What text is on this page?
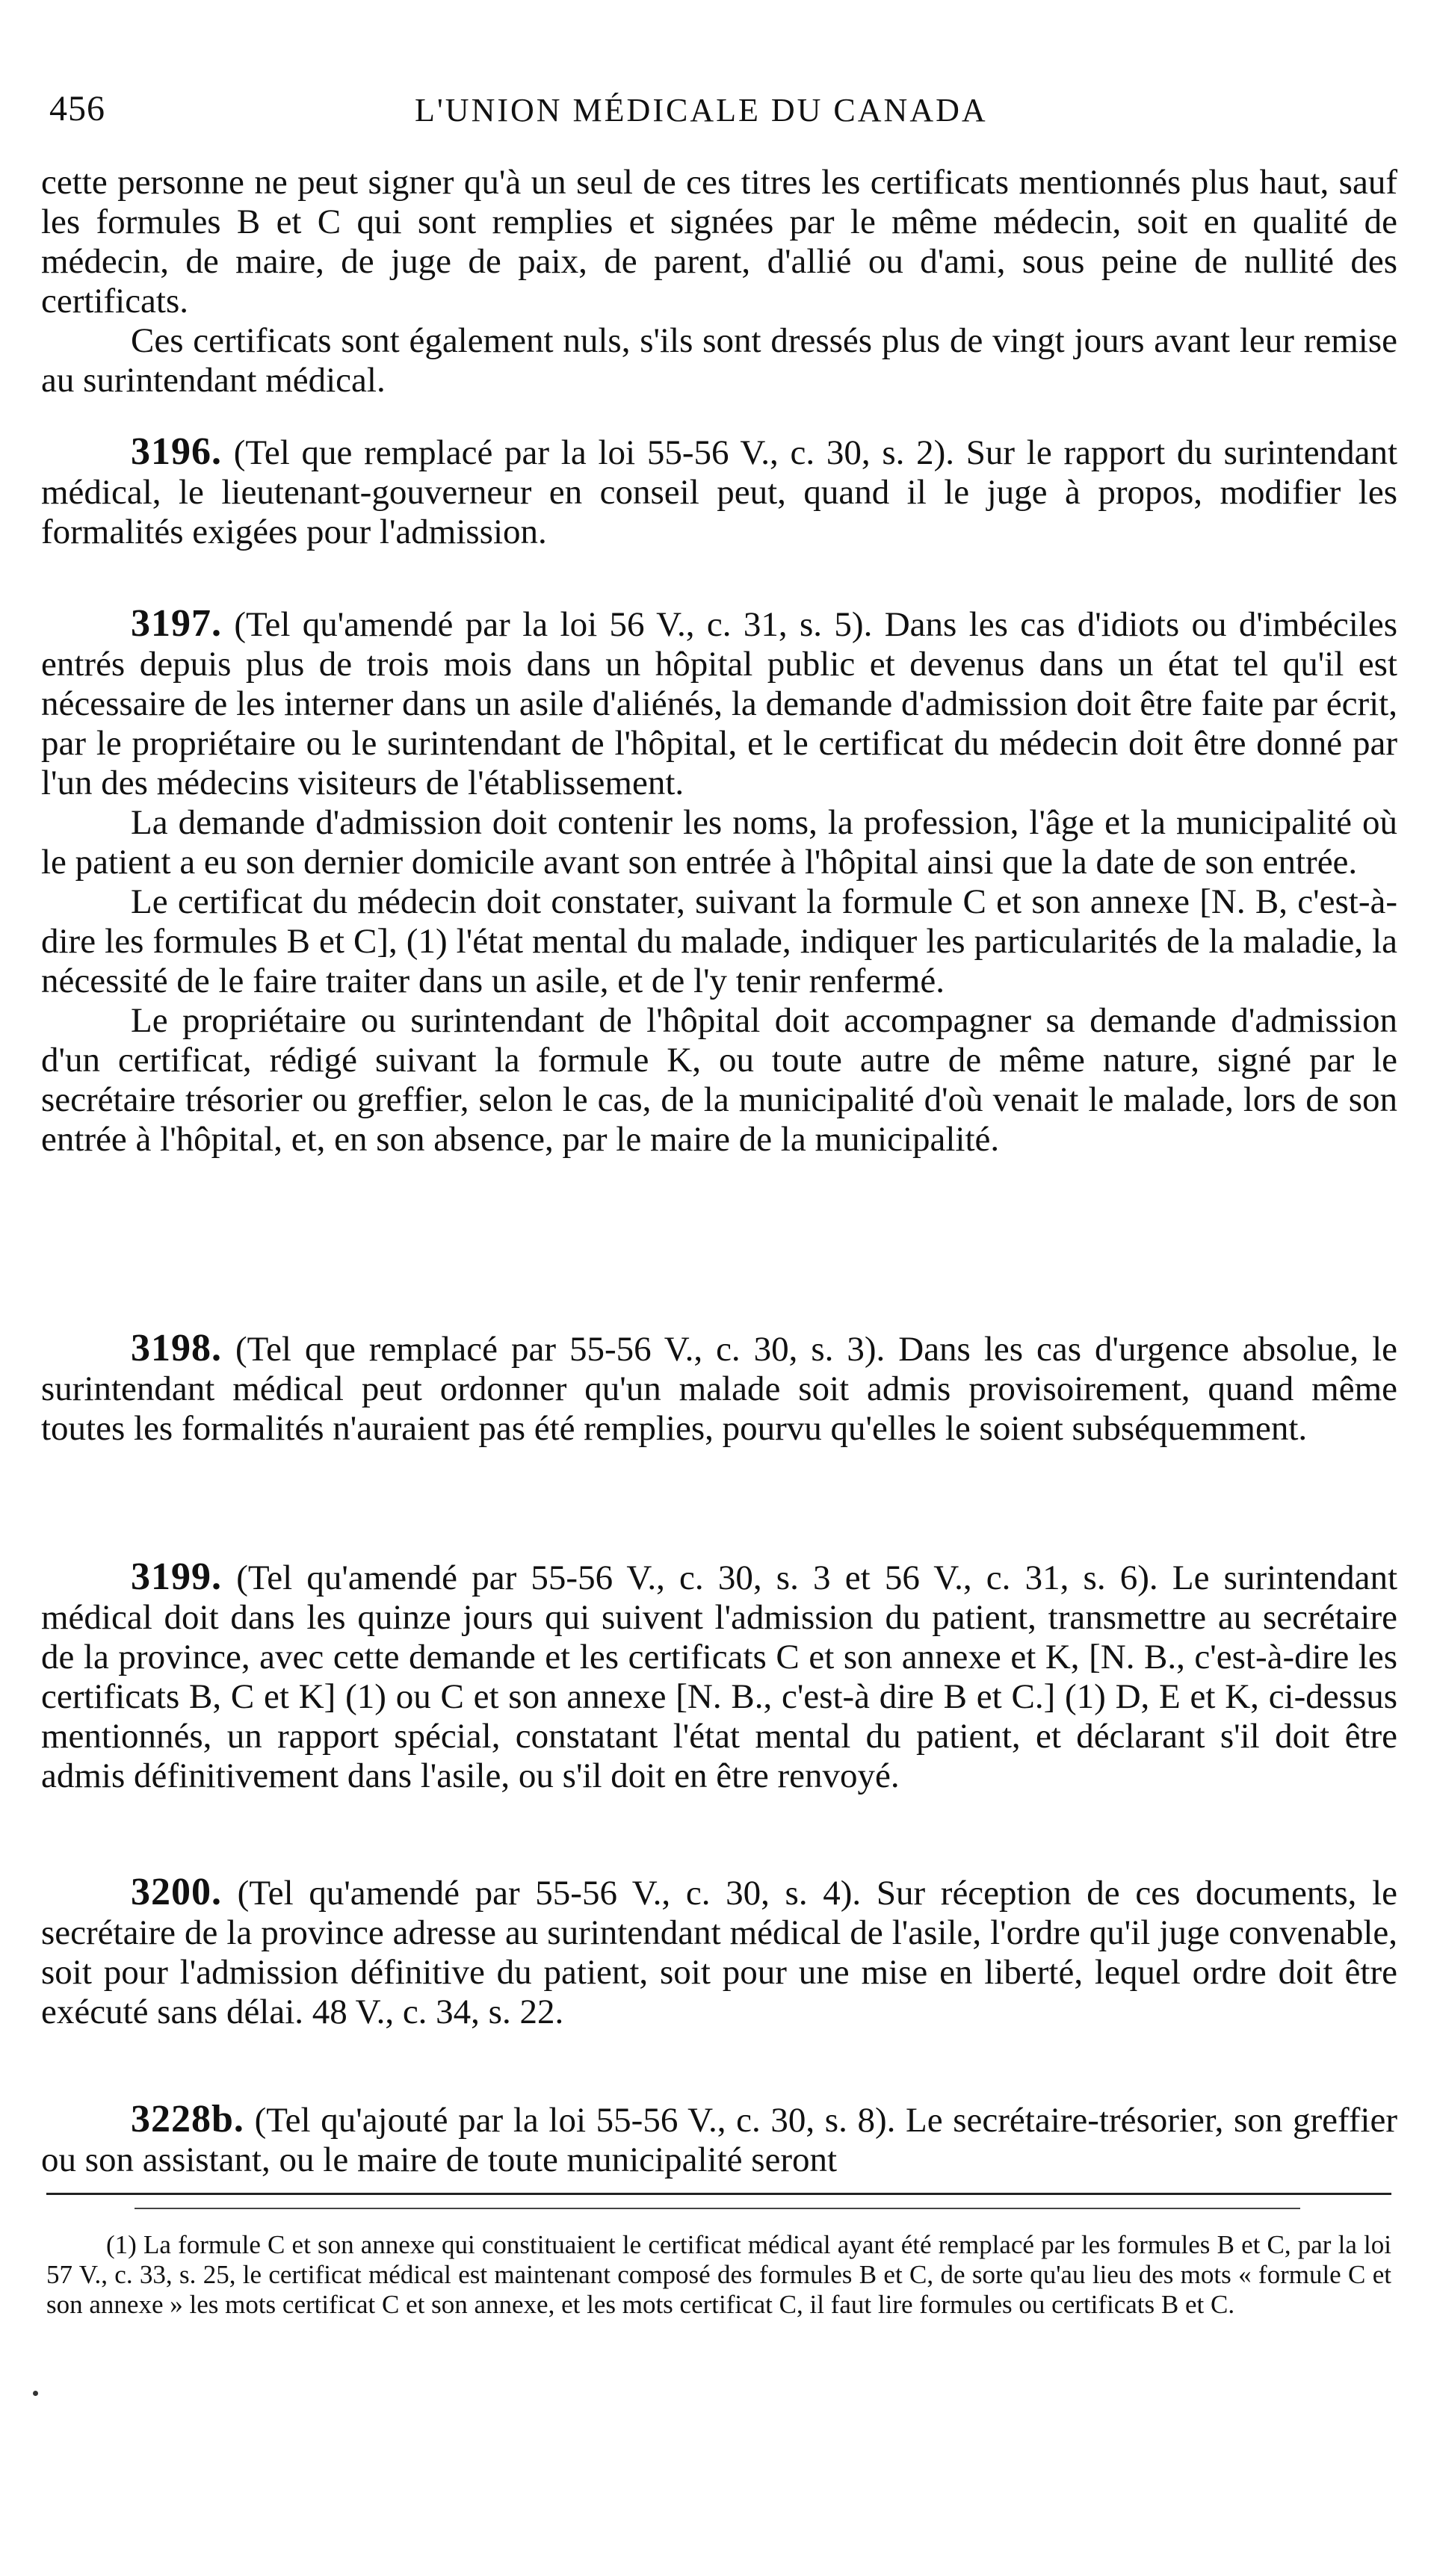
456	L'UNION MÉDICALE DU CANADA

cette personne ne peut signer qu'à un seul de ces titres les certificats mentionnés plus haut, sauf les formules B et C qui sont remplies et signées par le même médecin, soit en qualité de médecin, de maire, de juge de paix, de parent, d'allié ou d'ami, sous peine de nullité des certificats.

Ces certificats sont également nuls, s'ils sont dressés plus de vingt jours avant leur remise au surintendant médical.

3196. (Tel que remplacé par la loi 55-56 V., c. 30, s. 2). Sur le rapport du surintendant médical, le lieutenant-gouverneur en conseil peut, quand il le juge à propos, modifier les formalités exigées pour l'admission.

3197. (Tel qu'amendé par la loi 56 V., c. 31, s. 5). Dans les cas d'idiots ou d'imbéciles entrés depuis plus de trois mois dans un hôpital public et devenus dans un état tel qu'il est nécessaire de les interner dans un asile d'aliénés, la demande d'admission doit être faite par écrit, par le propriétaire ou le surintendant de l'hôpital, et le certificat du médecin doit être donné par l'un des médecins visiteurs de l'établissement.

La demande d'admission doit contenir les noms, la profession, l'âge et la municipalité où le patient a eu son dernier domicile avant son entrée à l'hôpital ainsi que la date de son entrée.

Le certificat du médecin doit constater, suivant la formule C et son annexe [N. B, c'est-à-dire les formules B et C], (1) l'état mental du malade, indiquer les particularités de la maladie, la nécessité de le faire traiter dans un asile, et de l'y tenir renfermé.

Le propriétaire ou surintendant de l'hôpital doit accompagner sa demande d'admission d'un certificat, rédigé suivant la formule K, ou toute autre de même nature, signé par le secrétaire trésorier ou greffier, selon le cas, de la municipalité d'où venait le malade, lors de son entrée à l'hôpital, et, en son absence, par le maire de la municipalité.

3198. (Tel que remplacé par 55-56 V., c. 30, s. 3). Dans les cas d'urgence absolue, le surintendant médical peut ordonner qu'un malade soit admis provisoirement, quand même toutes les formalités n'auraient pas été remplies, pourvu qu'elles le soient subséquemment.

3199. (Tel qu'amendé par 55-56 V., c. 30, s. 3 et 56 V., c. 31, s. 6). Le surintendant médical doit dans les quinze jours qui suivent l'admission du patient, transmettre au secrétaire de la province, avec cette demande et les certificats C et son annexe et K, [N. B., c'est-à-dire les certificats B, C et K] (1) ou C et son annexe [N. B., c'est-à dire B et C.] (1) D, E et K, ci-dessus mentionnés, un rapport spécial, constatant l'état mental du patient, et déclarant s'il doit être admis définitivement dans l'asile, ou s'il doit en être renvoyé.

3200. (Tel qu'amendé par 55-56 V., c. 30, s. 4). Sur réception de ces documents, le secrétaire de la province adresse au surintendant médical de l'asile, l'ordre qu'il juge convenable, soit pour l'admission définitive du patient, soit pour une mise en liberté, lequel ordre doit être exécuté sans délai. 48 V., c. 34, s. 22.

3228b. (Tel qu'ajouté par la loi 55-56 V., c. 30, s. 8). Le secrétaire-trésorier, son greffier ou son assistant, ou le maire de toute municipalité seront

(1) La formule C et son annexe qui constituaient le certificat médical ayant été remplacé par les formules B et C, par la loi 57 V., c. 33, s. 25, le certificat médical est maintenant composé des formules B et C, de sorte qu'au lieu des mots « formule C et son annexe » les mots certificat C et son annexe, et les mots certificat C, il faut lire formules ou certificats B et C.
